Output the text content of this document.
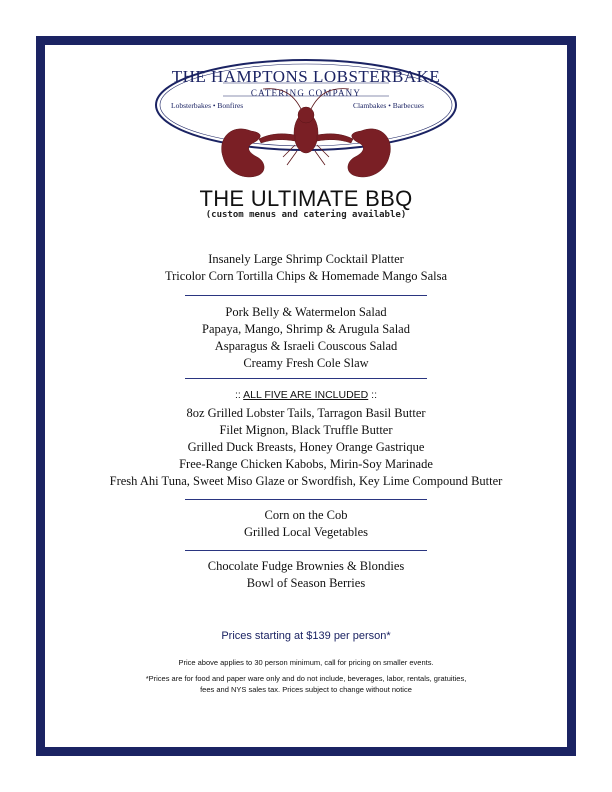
THE HAMPTONS LOBSTERBAKE
CATERING COMPANY
Lobsterbakes • Bonfires	Clambakes • Barbecues
THE ULTIMATE BBQ
(custom menus and catering available)
Insanely Large Shrimp Cocktail Platter
Tricolor Corn Tortilla Chips & Homemade Mango Salsa
Pork Belly & Watermelon Salad
Papaya, Mango, Shrimp & Arugula Salad
Asparagus & Israeli Couscous Salad
Creamy Fresh Cole Slaw
:: ALL FIVE ARE INCLUDED ::
8oz Grilled Lobster Tails, Tarragon Basil Butter
Filet Mignon, Black Truffle Butter
Grilled Duck Breasts, Honey Orange Gastrique
Free-Range Chicken Kabobs, Mirin-Soy Marinade
Fresh Ahi Tuna, Sweet Miso Glaze or Swordfish, Key Lime Compound Butter
Corn on the Cob
Grilled Local Vegetables
Chocolate Fudge Brownies & Blondies
Bowl of Season Berries
Prices starting at $139 per person*
Price above applies to 30 person minimum, call for pricing on smaller events.
*Prices are for food and paper ware only and do not include, beverages, labor, rentals, gratuities,
fees and NYS sales tax. Prices subject to change without notice
